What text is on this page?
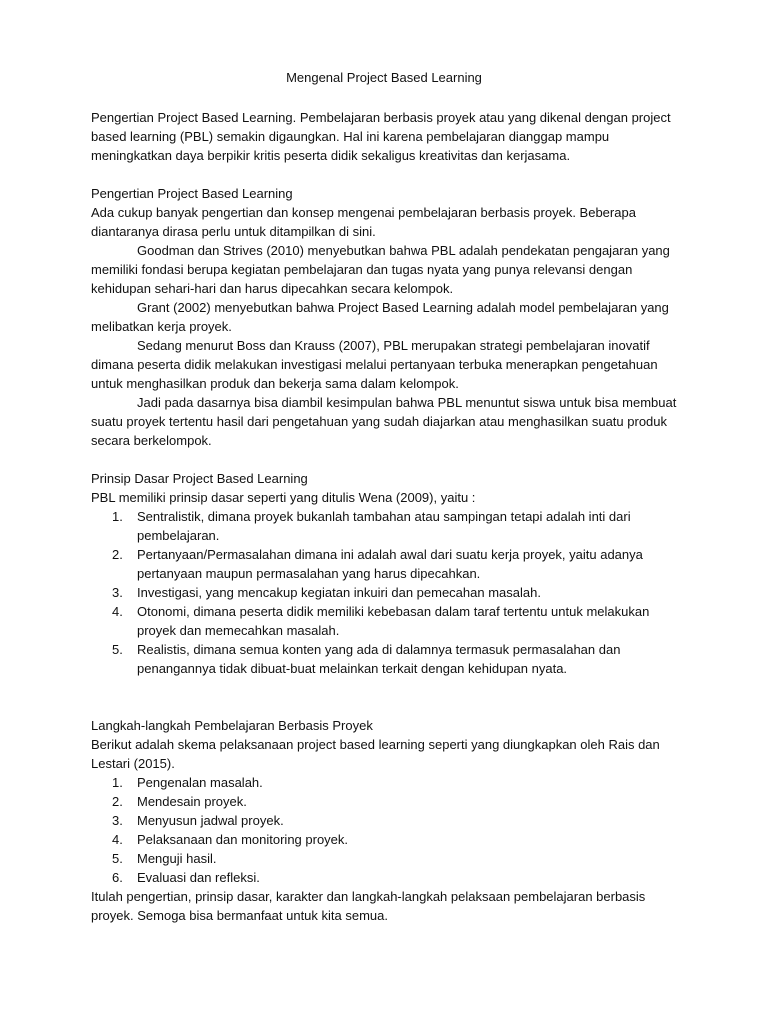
Mengenal Project Based Learning

Pengertian Project Based Learning. Pembelajaran berbasis proyek atau yang dikenal dengan project based learning (PBL) semakin digaungkan. Hal ini karena pembelajaran dianggap mampu meningkatkan daya berpikir kritis peserta didik sekaligus kreativitas dan kerjasama.

Pengertian Project Based Learning

Ada cukup banyak pengertian dan konsep mengenai pembelajaran berbasis proyek. Beberapa diantaranya dirasa perlu untuk ditampilkan di sini.

Goodman dan Strives (2010) menyebutkan bahwa PBL adalah pendekatan pengajaran yang memiliki fondasi berupa kegiatan pembelajaran dan tugas nyata yang punya relevansi dengan kehidupan sehari-hari dan harus dipecahkan secara kelompok.

Grant (2002) menyebutkan bahwa Project Based Learning adalah model pembelajaran yang melibatkan kerja proyek.

Sedang menurut Boss dan Krauss (2007), PBL merupakan strategi pembelajaran inovatif dimana peserta didik melakukan investigasi melalui pertanyaan terbuka menerapkan pengetahuan untuk menghasilkan produk dan bekerja sama dalam kelompok.

Jadi pada dasarnya bisa diambil kesimpulan bahwa PBL menuntut siswa untuk bisa membuat suatu proyek tertentu hasil dari pengetahuan yang sudah diajarkan atau menghasilkan suatu produk secara berkelompok.

Prinsip Dasar Project Based Learning

PBL memiliki prinsip dasar seperti yang ditulis Wena (2009), yaitu :

1. Sentralistik, dimana proyek bukanlah tambahan atau sampingan tetapi adalah inti dari pembelajaran.
2. Pertanyaan/Permasalahan dimana ini adalah awal dari suatu kerja proyek, yaitu adanya pertanyaan maupun permasalahan yang harus dipecahkan.
3. Investigasi, yang mencakup kegiatan inkuiri dan pemecahan masalah.
4. Otonomi, dimana peserta didik memiliki kebebasan dalam taraf tertentu untuk melakukan proyek dan memecahkan masalah.
5. Realistis, dimana semua konten yang ada di dalamnya termasuk permasalahan dan penangannya tidak dibuat-buat melainkan terkait dengan kehidupan nyata.

Langkah-langkah Pembelajaran Berbasis Proyek

Berikut adalah skema pelaksanaan project based learning seperti yang diungkapkan oleh Rais dan Lestari (2015).

1. Pengenalan masalah.
2. Mendesain proyek.
3. Menyusun jadwal proyek.
4. Pelaksanaan dan monitoring proyek.
5. Menguji hasil.
6. Evaluasi dan refleksi.

Itulah pengertian, prinsip dasar, karakter dan langkah-langkah pelaksaan pembelajaran berbasis proyek. Semoga bisa bermanfaat untuk kita semua.
